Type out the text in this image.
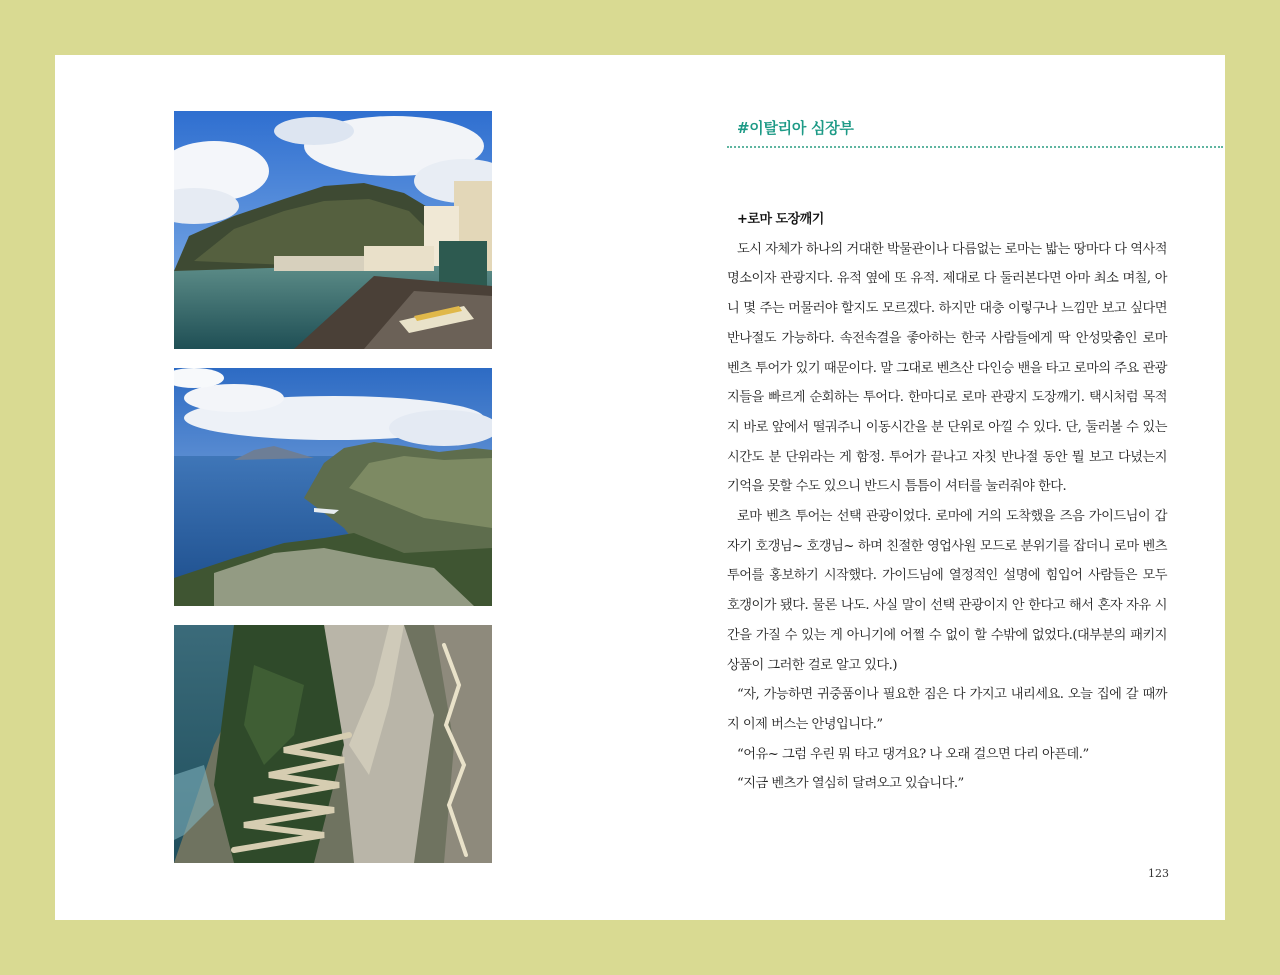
#이탈리아 심장부
+로마 도장깨기

도시 자체가 하나의 거대한 박물관이나 다름없는 로마는 밟는 땅마다 다 역사적 명소이자 관광지다. 유적 옆에 또 유적. 제대로 다 둘러본다면 아마 최소 며칠, 아니 몇 주는 머물러야 할지도 모르겠다. 하지만 대충 이렇구나 느낌만 보고 싶다면 반나절도 가능하다. 속전속결을 좋아하는 한국 사람들에게 딱 안성맞춤인 로마 벤츠 투어가 있기 때문이다. 말 그대로 벤츠산 다인승 밴을 타고 로마의 주요 관광지들을 빠르게 순회하는 투어다. 한마디로 로마 관광지 도장깨기. 택시처럼 목적지 바로 앞에서 떨궈주니 이동시간을 분 단위로 아낄 수 있다. 단, 둘러볼 수 있는 시간도 분 단위라는 게 함정. 투어가 끝나고 자칫 반나절 동안 뭘 보고 다녔는지 기억을 못할 수도 있으니 반드시 틈틈이 셔터를 눌러줘야 한다.

로마 벤츠 투어는 선택 관광이었다. 로마에 거의 도착했을 즈음 가이드님이 갑자기 호갱님~ 호갱님~ 하며 친절한 영업사원 모드로 분위기를 잡더니 로마 벤츠 투어를 홍보하기 시작했다. 가이드님에 열정적인 설명에 힘입어 사람들은 모두 호갱이가 됐다. 물론 나도. 사실 말이 선택 관광이지 안 한다고 해서 혼자 자유 시간을 가질 수 있는 게 아니기에 어쩔 수 없이 할 수밖에 없었다.(대부분의 패키지 상품이 그러한 걸로 알고 있다.)

“자, 가능하면 귀중품이나 필요한 짐은 다 가지고 내리세요. 오늘 집에 갈 때까지 이제 버스는 안녕입니다.”

“어유~ 그럼 우린 뭐 타고 댕겨요? 나 오래 걸으면 다리 아픈데.”

“지금 벤츠가 열심히 달려오고 있습니다.”

123
